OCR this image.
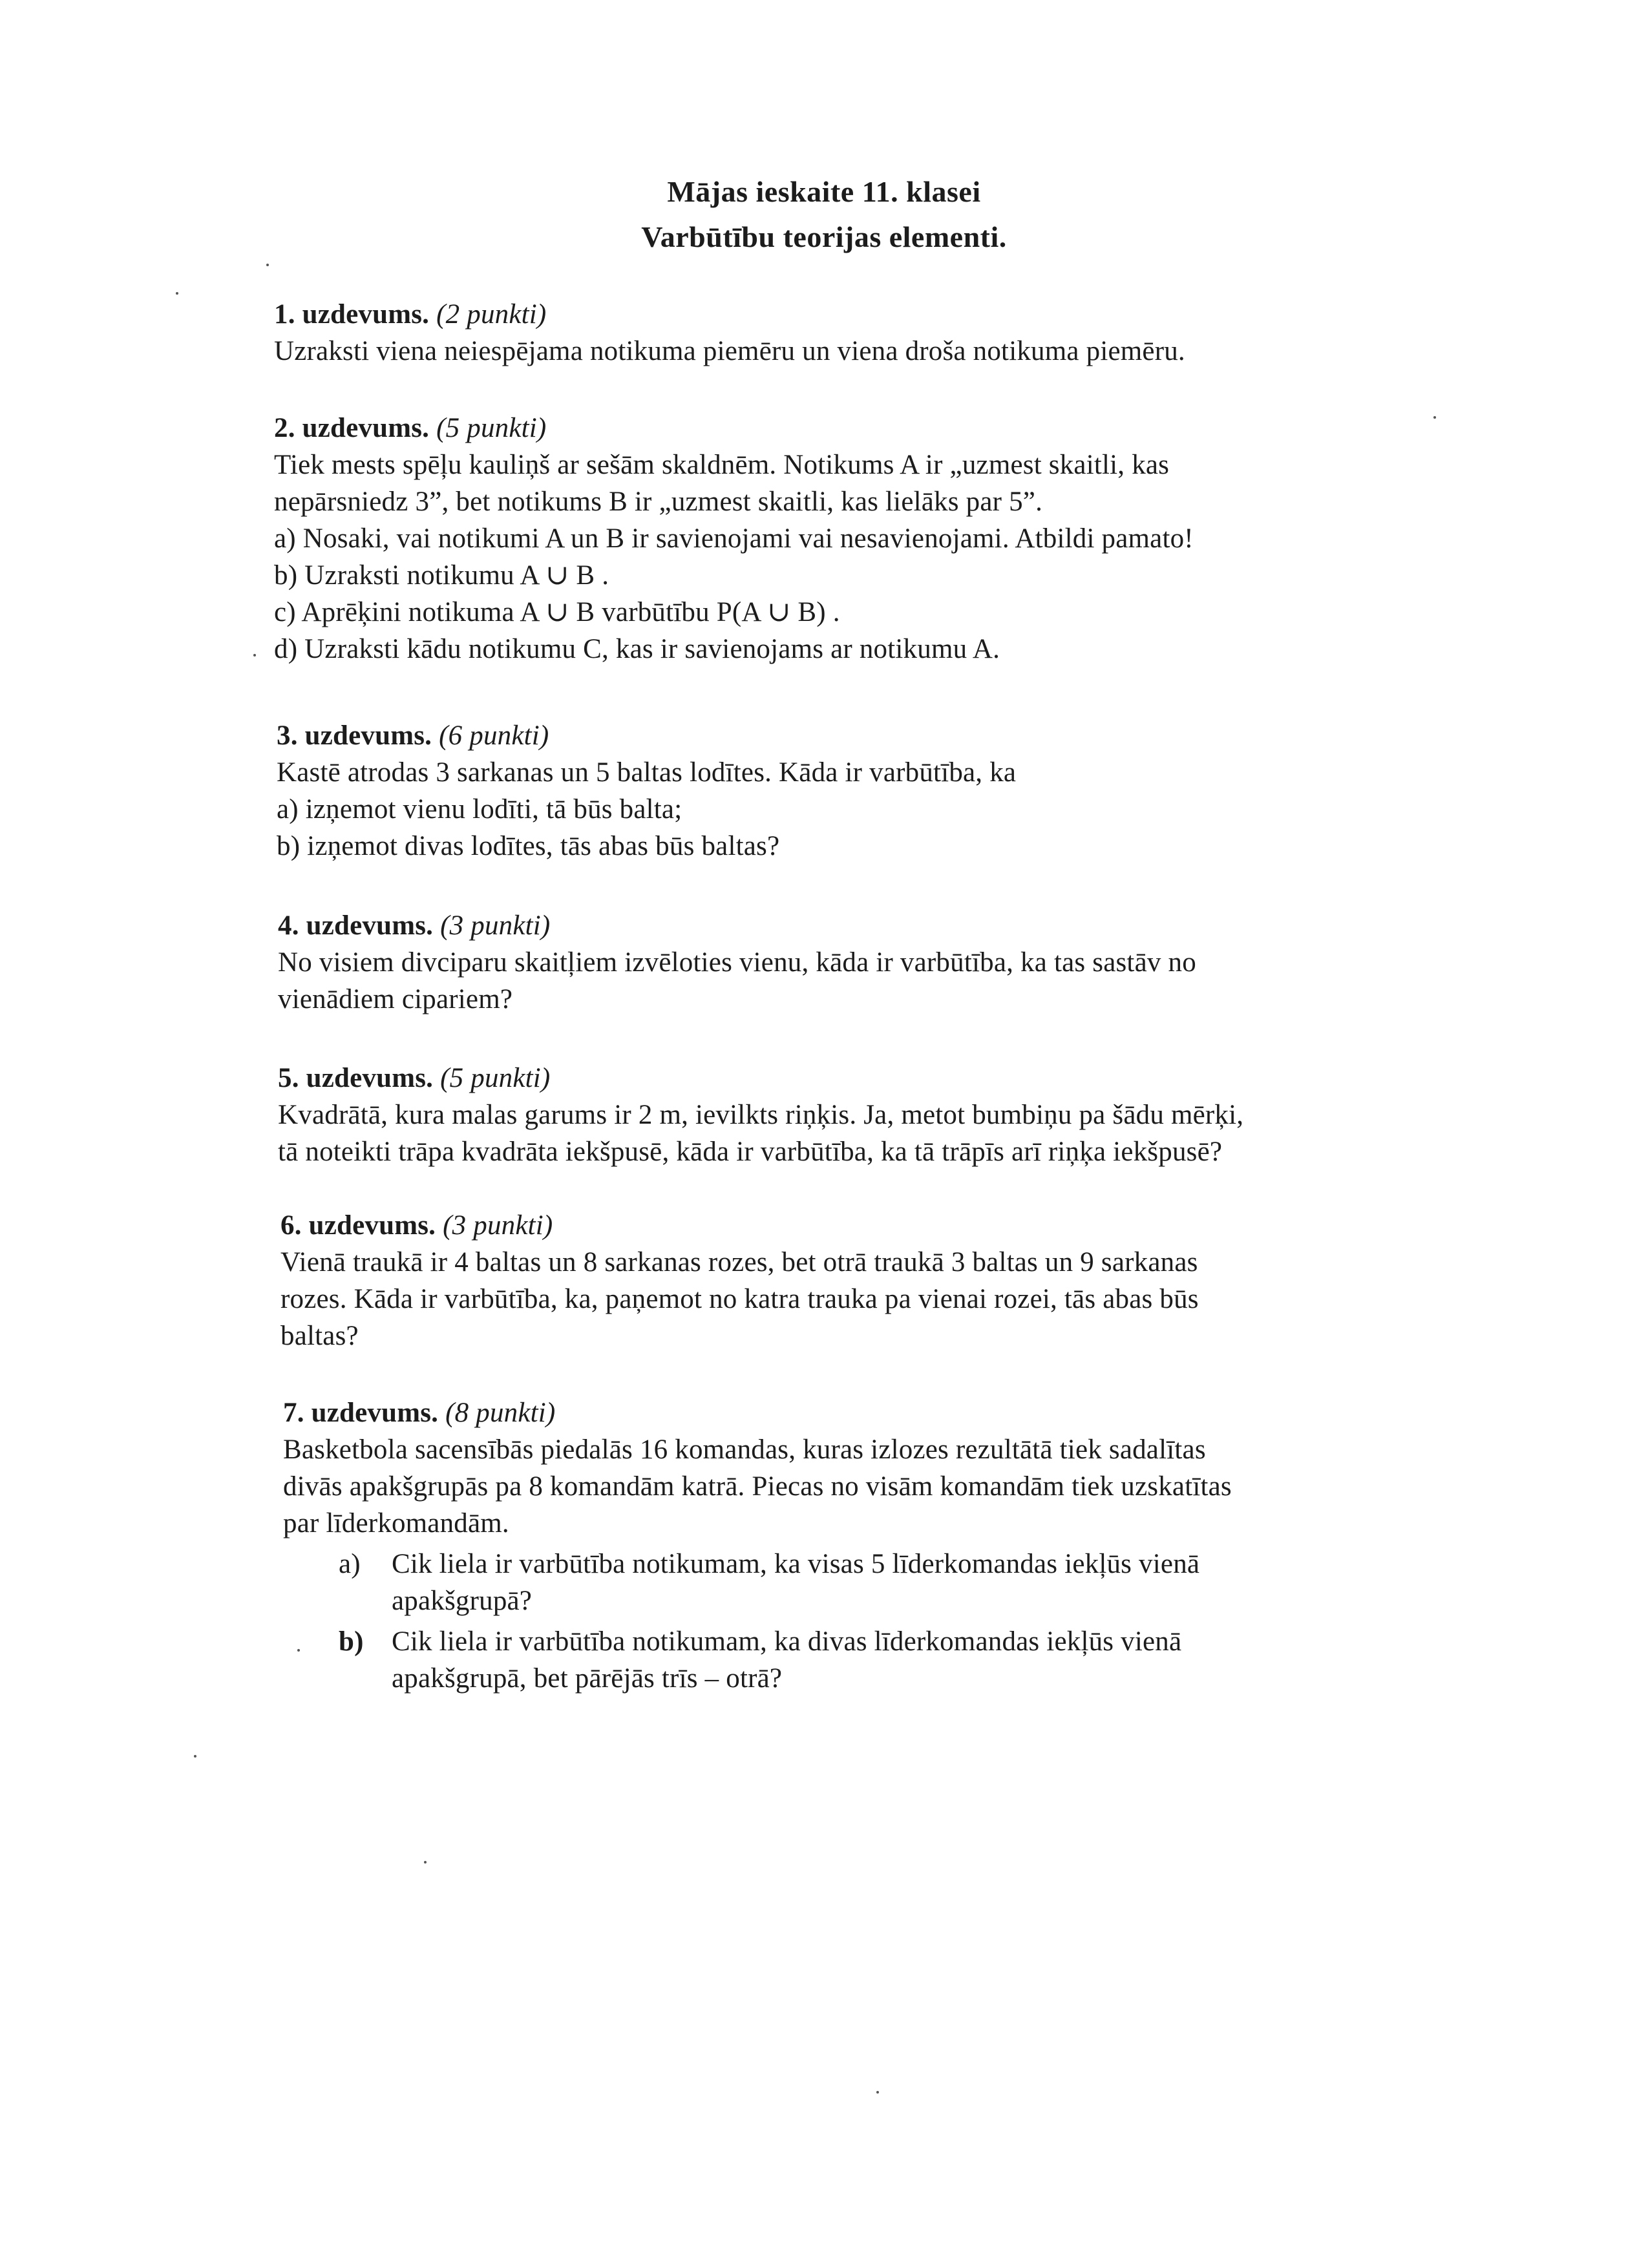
Mājas ieskaite 11. klasei
Varbūtību teorijas elementi.

1. uzdevums. (2 punkti)

Uzraksti viena neiespējama notikuma piemēru un viena droša notikuma piemēru.

2. uzdevums. (5 punkti)

Tiek mests spēļu kauliņš ar sešām skaldnēm. Notikums A ir „uzmest skaitli, kas

nepārsniedz 3”, bet notikums B ir „uzmest skaitli, kas lielāks par 5”.

a) Nosaki, vai notikumi A un B ir savienojami vai nesavienojami. Atbildi pamato!

b) Uzraksti notikumu A ∪ B .

c) Aprēķini notikuma A ∪ B varbūtību P(A ∪ B) .

d) Uzraksti kādu notikumu C, kas ir savienojams ar notikumu A.

3. uzdevums. (6 punkti)

Kastē atrodas 3 sarkanas un 5 baltas lodītes. Kāda ir varbūtība, ka

a) izņemot vienu lodīti, tā būs balta;

b) izņemot divas lodītes, tās abas būs baltas?

4. uzdevums. (3 punkti)

No visiem divciparu skaitļiem izvēloties vienu, kāda ir varbūtība, ka tas sastāv no

vienādiem cipariem?

5. uzdevums. (5 punkti)

Kvadrātā, kura malas garums ir 2 m, ievilkts riņķis. Ja, metot bumbiņu pa šādu mērķi,

tā noteikti trāpa kvadrāta iekšpusē, kāda ir varbūtība, ka tā trāpīs arī riņķa iekšpusē?

6. uzdevums. (3 punkti)

Vienā traukā ir 4 baltas un 8 sarkanas rozes, bet otrā traukā 3 baltas un 9 sarkanas

rozes. Kāda ir varbūtība, ka, paņemot no katra trauka pa vienai rozei, tās abas būs

baltas?

7. uzdevums. (8 punkti)

Basketbola sacensībās piedalās 16 komandas, kuras izlozes rezultātā tiek sadalītas

divās apakšgrupās pa 8 komandām katrā. Piecas no visām komandām tiek uzskatītas

par līderkomandām.

a)	Cik liela ir varbūtība notikumam, ka visas 5 līderkomandas iekļūs vienā

apakšgrupā?

b)	Cik liela ir varbūtība notikumam, ka divas līderkomandas iekļūs vienā

apakšgrupā, bet pārējās trīs – otrā?
